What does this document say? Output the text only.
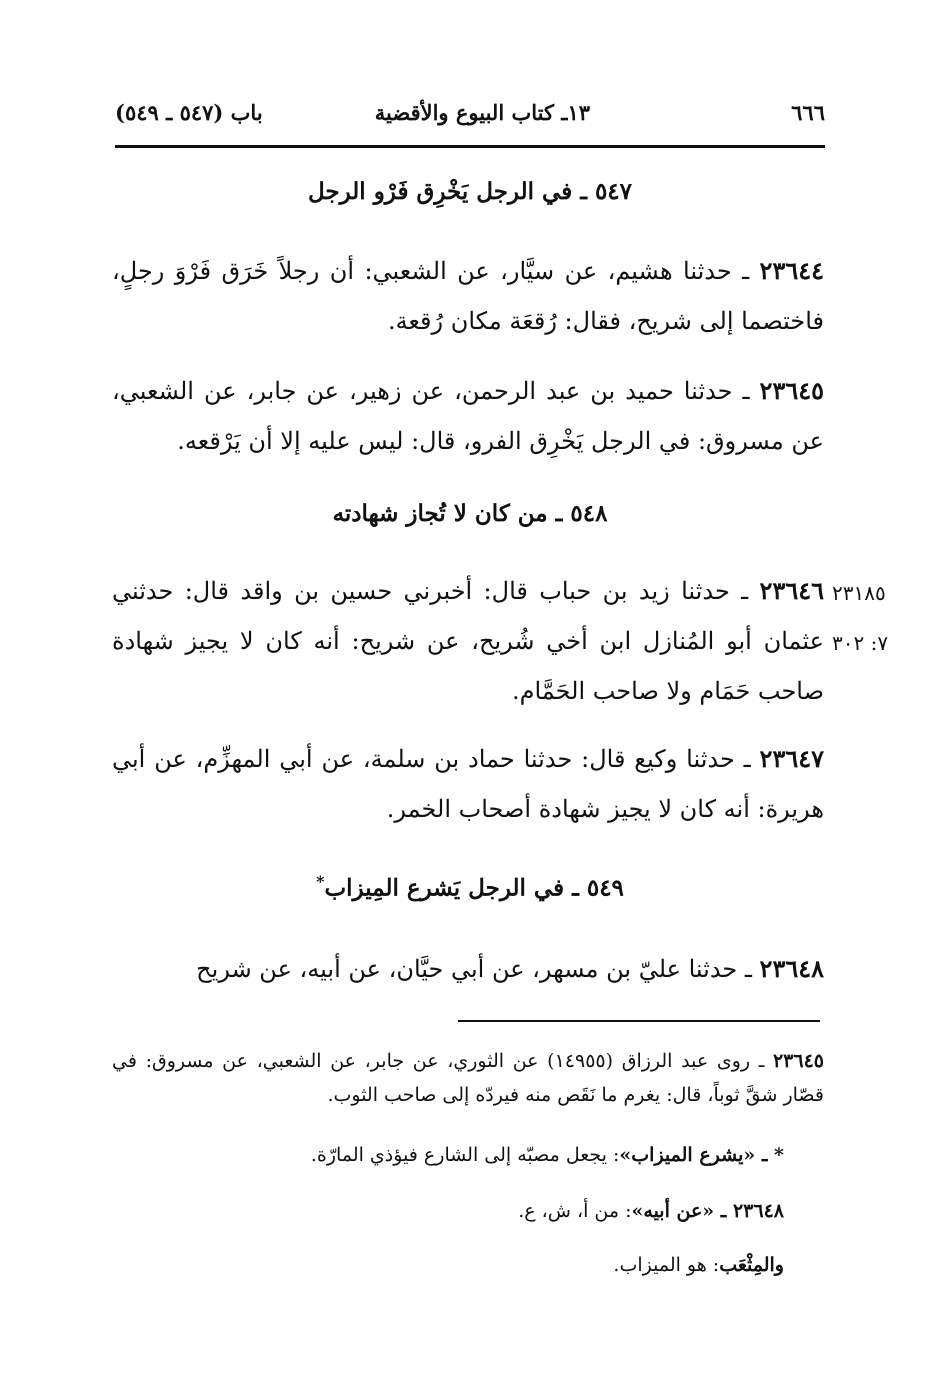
٦٦٦
١٣ـ كتاب البيوع والأقضية
باب (٥٤٧ ـ ٥٤٩)
٥٤٧ ـ في الرجل يَخْرِق فَرْو الرجل
٢٣٦٤٤ ـ حدثنا هشيم، عن سيَّار، عن الشعبي: أن رجلاً خَرَق فَرْوَ رجلٍ، فاختصما إلى شريح، فقال: رُقعَة مكان رُقعة.
٢٣٦٤٥ ـ حدثنا حميد بن عبد الرحمن، عن زهير، عن جابر، عن الشعبي، عن مسروق: في الرجل يَخْرِق الفرو، قال: ليس عليه إلا أن يَرْقعه.
٥٤٨ ـ من كان لا تُجاز شهادته
٢٣١٨٥
٧: ٣٠٢
٢٣٦٤٦ ـ حدثنا زيد بن حباب قال: أخبرني حسين بن واقد قال: حدثني عثمان أبو المُنازل ابن أخي شُريح، عن شريح: أنه كان لا يجيز شهادة صاحب حَمَام ولا صاحب الحَمَّام.
٢٣٦٤٧ ـ حدثنا وكيع قال: حدثنا حماد بن سلمة، عن أبي المهزِّم، عن أبي هريرة: أنه كان لا يجيز شهادة أصحاب الخمر.
٥٤٩ ـ في الرجل يَشرع المِيزاب*
٢٣٦٤٨ ـ حدثنا عليّ بن مسهر، عن أبي حيَّان، عن أبيه، عن شريح
٢٣٦٤٥ ـ روى عبد الرزاق (١٤٩٥٥) عن الثوري، عن جابر، عن الشعبي، عن مسروق: في قصّار شقَّ ثوباً، قال: يغرم ما نَقَص منه فيردّه إلى صاحب الثوب.
* ـ «يشرع الميزاب»: يجعل مصبّه إلى الشارع فيؤذي المارّة.
٢٣٦٤٨ ـ «عن أبيه»: من أ، ش، ع.
والمِثْعَب: هو الميزاب.
